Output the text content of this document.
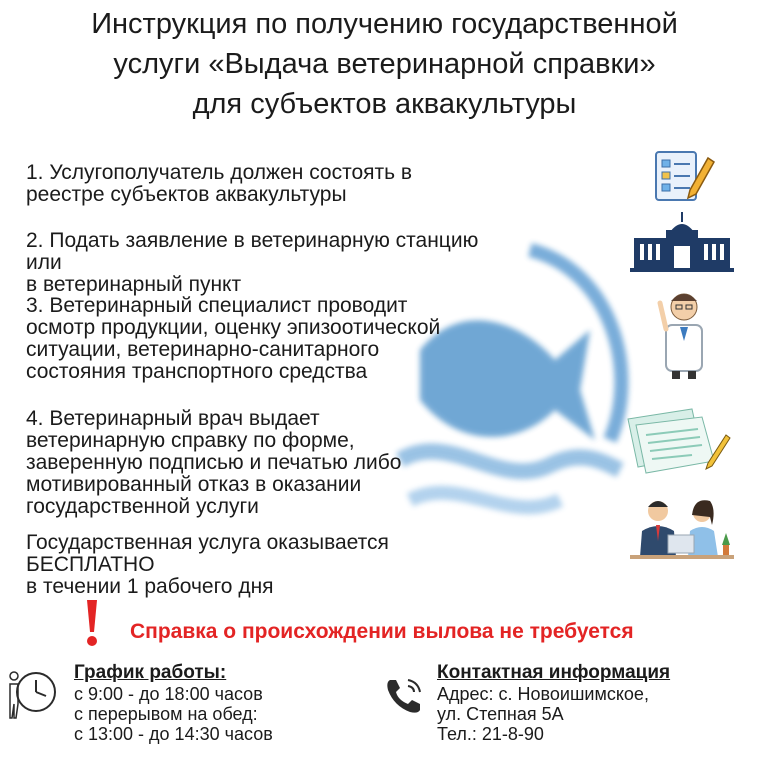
Инструкция по получению государственной
услуги «Выдача ветеринарной справки»
для субъектов аквакультуры
1. Услугополучатель должен состоять в
реестре субъектов аквакультуры
2. Подать заявление в ветеринарную станцию
или
в ветеринарный пункт
3. Ветеринарный специалист проводит
осмотр продукции, оценку эпизоотической
ситуации, ветеринарно-санитарного
состояния транспортного средства
4. Ветеринарный врач выдает
ветеринарную справку по форме,
заверенную подписью и печатью либо
мотивированный отказ в оказании
государственной услуги
Государственная услуга оказывается
БЕСПЛАТНО
в течении 1 рабочего дня
Справка о происхождении вылова не требуется
График работы:
с 9:00 - до 18:00 часов
с перерывом на обед:
с 13:00 - до 14:30 часов
Контактная информация
Адрес: с. Новоишимское,
ул. Степная 5А
Тел.: 21-8-90
